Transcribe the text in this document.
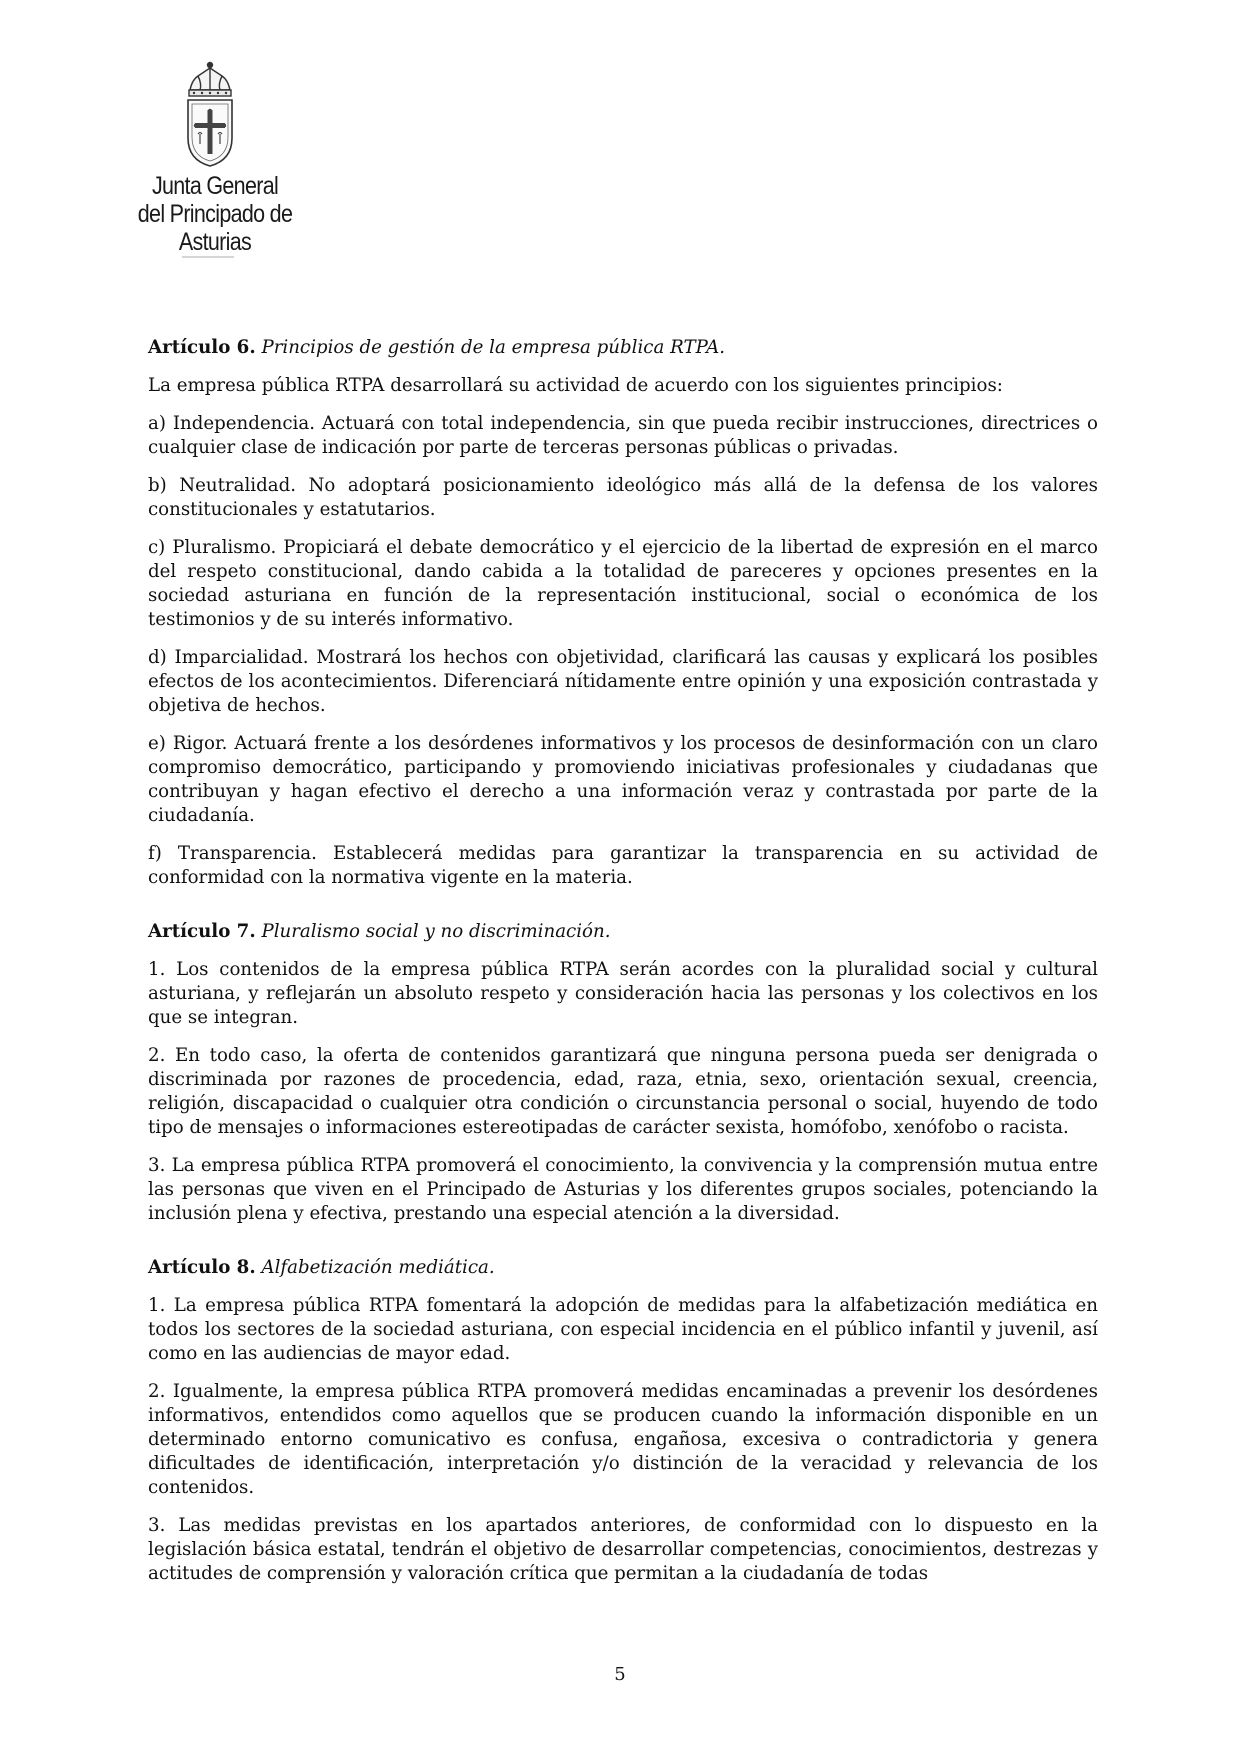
Junta General
del Principado de Asturias

Artículo 6. Principios de gestión de la empresa pública RTPA.

La empresa pública RTPA desarrollará su actividad de acuerdo con los siguientes principios:

a) Independencia. Actuará con total independencia, sin que pueda recibir instrucciones, directrices o cualquier clase de indicación por parte de terceras personas públicas o privadas.

b) Neutralidad. No adoptará posicionamiento ideológico más allá de la defensa de los valores constitucionales y estatutarios.

c) Pluralismo. Propiciará el debate democrático y el ejercicio de la libertad de expresión en el marco del respeto constitucional, dando cabida a la totalidad de pareceres y opciones presentes en la sociedad asturiana en función de la representación institucional, social o económica de los testimonios y de su interés informativo.

d) Imparcialidad. Mostrará los hechos con objetividad, clarificará las causas y explicará los posibles efectos de los acontecimientos. Diferenciará nítidamente entre opinión y una exposición contrastada y objetiva de hechos.

e) Rigor. Actuará frente a los desórdenes informativos y los procesos de desinformación con un claro compromiso democrático, participando y promoviendo iniciativas profesionales y ciudadanas que contribuyan y hagan efectivo el derecho a una información veraz y contrastada por parte de la ciudadanía.

f) Transparencia. Establecerá medidas para garantizar la transparencia en su actividad de conformidad con la normativa vigente en la materia.

Artículo 7. Pluralismo social y no discriminación.

1. Los contenidos de la empresa pública RTPA serán acordes con la pluralidad social y cultural asturiana, y reflejarán un absoluto respeto y consideración hacia las personas y los colectivos en los que se integran.

2. En todo caso, la oferta de contenidos garantizará que ninguna persona pueda ser denigrada o discriminada por razones de procedencia, edad, raza, etnia, sexo, orientación sexual, creencia, religión, discapacidad o cualquier otra condición o circunstancia personal o social, huyendo de todo tipo de mensajes o informaciones estereotipadas de carácter sexista, homófobo, xenófobo o racista.

3. La empresa pública RTPA promoverá el conocimiento, la convivencia y la comprensión mutua entre las personas que viven en el Principado de Asturias y los diferentes grupos sociales, potenciando la inclusión plena y efectiva, prestando una especial atención a la diversidad.

Artículo 8. Alfabetización mediática.

1. La empresa pública RTPA fomentará la adopción de medidas para la alfabetización mediática en todos los sectores de la sociedad asturiana, con especial incidencia en el público infantil y juvenil, así como en las audiencias de mayor edad.

2. Igualmente, la empresa pública RTPA promoverá medidas encaminadas a prevenir los desórdenes informativos, entendidos como aquellos que se producen cuando la información disponible en un determinado entorno comunicativo es confusa, engañosa, excesiva o contradictoria y genera dificultades de identificación, interpretación y/o distinción de la veracidad y relevancia de los contenidos.

3. Las medidas previstas en los apartados anteriores, de conformidad con lo dispuesto en la legislación básica estatal, tendrán el objetivo de desarrollar competencias, conocimientos, destrezas y actitudes de comprensión y valoración crítica que permitan a la ciudadanía de todas

5
